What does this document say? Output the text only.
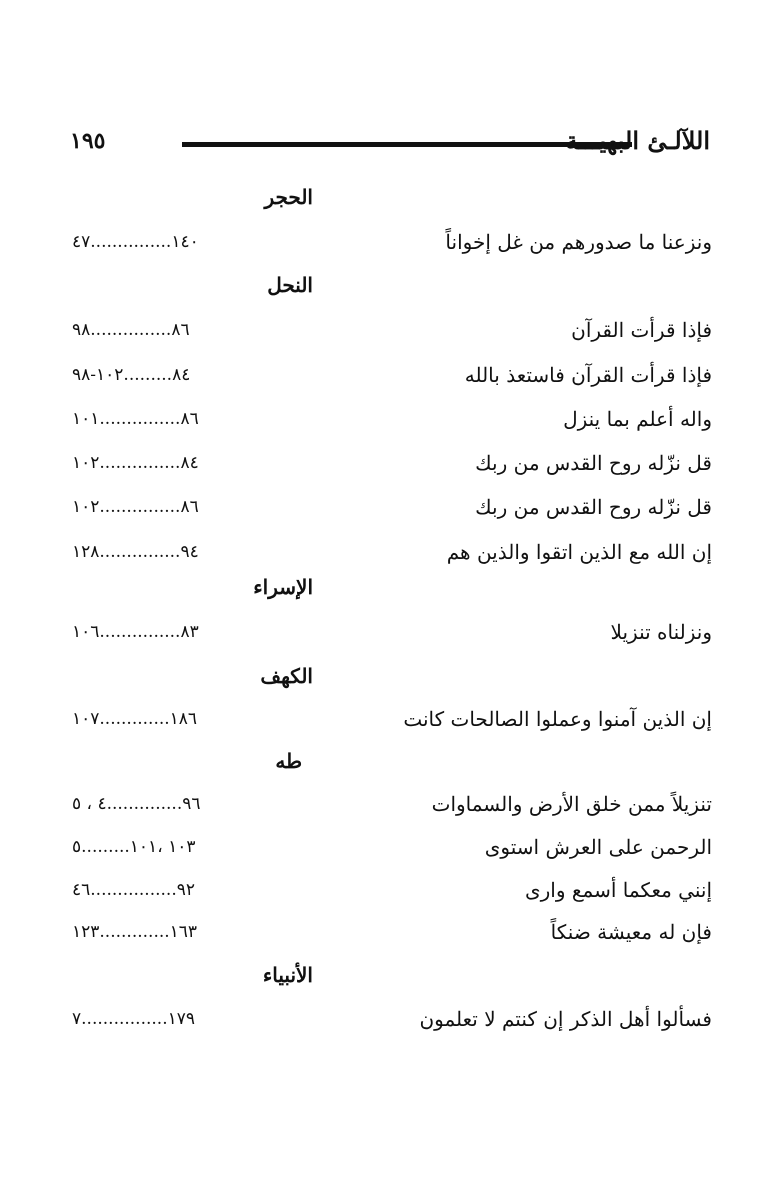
١٩٥	اللآلـئ البهيـــة
الحجر
ونزعنا ما صدورهم من غل إخواناً
١٤٠...............٤٧
النحل
فإذا قرأت القرآن
٨٦...............٩٨
فإذا قرأت القرآن فاستعذ بالله
٨٤.........١٠٢-٩٨
واله أعلم بما ينزل
٨٦...............١٠١
قل نزّله روح القدس من ربك
٨٤...............١٠٢
قل نزّله روح القدس من ربك
٨٦...............١٠٢
إن الله مع الذين اتقوا والذين هم
٩٤...............١٢٨
الإسراء
ونزلناه تنزيلا
٨٣...............١٠٦
الكهف
إن الذين آمنوا وعملوا الصالحات كانت
١٨٦.............١٠٧
طه
تنزيلاً ممن خلق الأرض والسماوات
٩٦..............٤ ، ٥
الرحمن على العرش استوى
١٠٣ ،١٠١.........٥
إنني معكما أسمع وارى
٩٢................٤٦
فإن له معيشة ضنكاً
١٦٣.............١٢٣
الأنبياء
فسألوا أهل الذكر إن كنتم لا تعلمون
١٧٩................٧
